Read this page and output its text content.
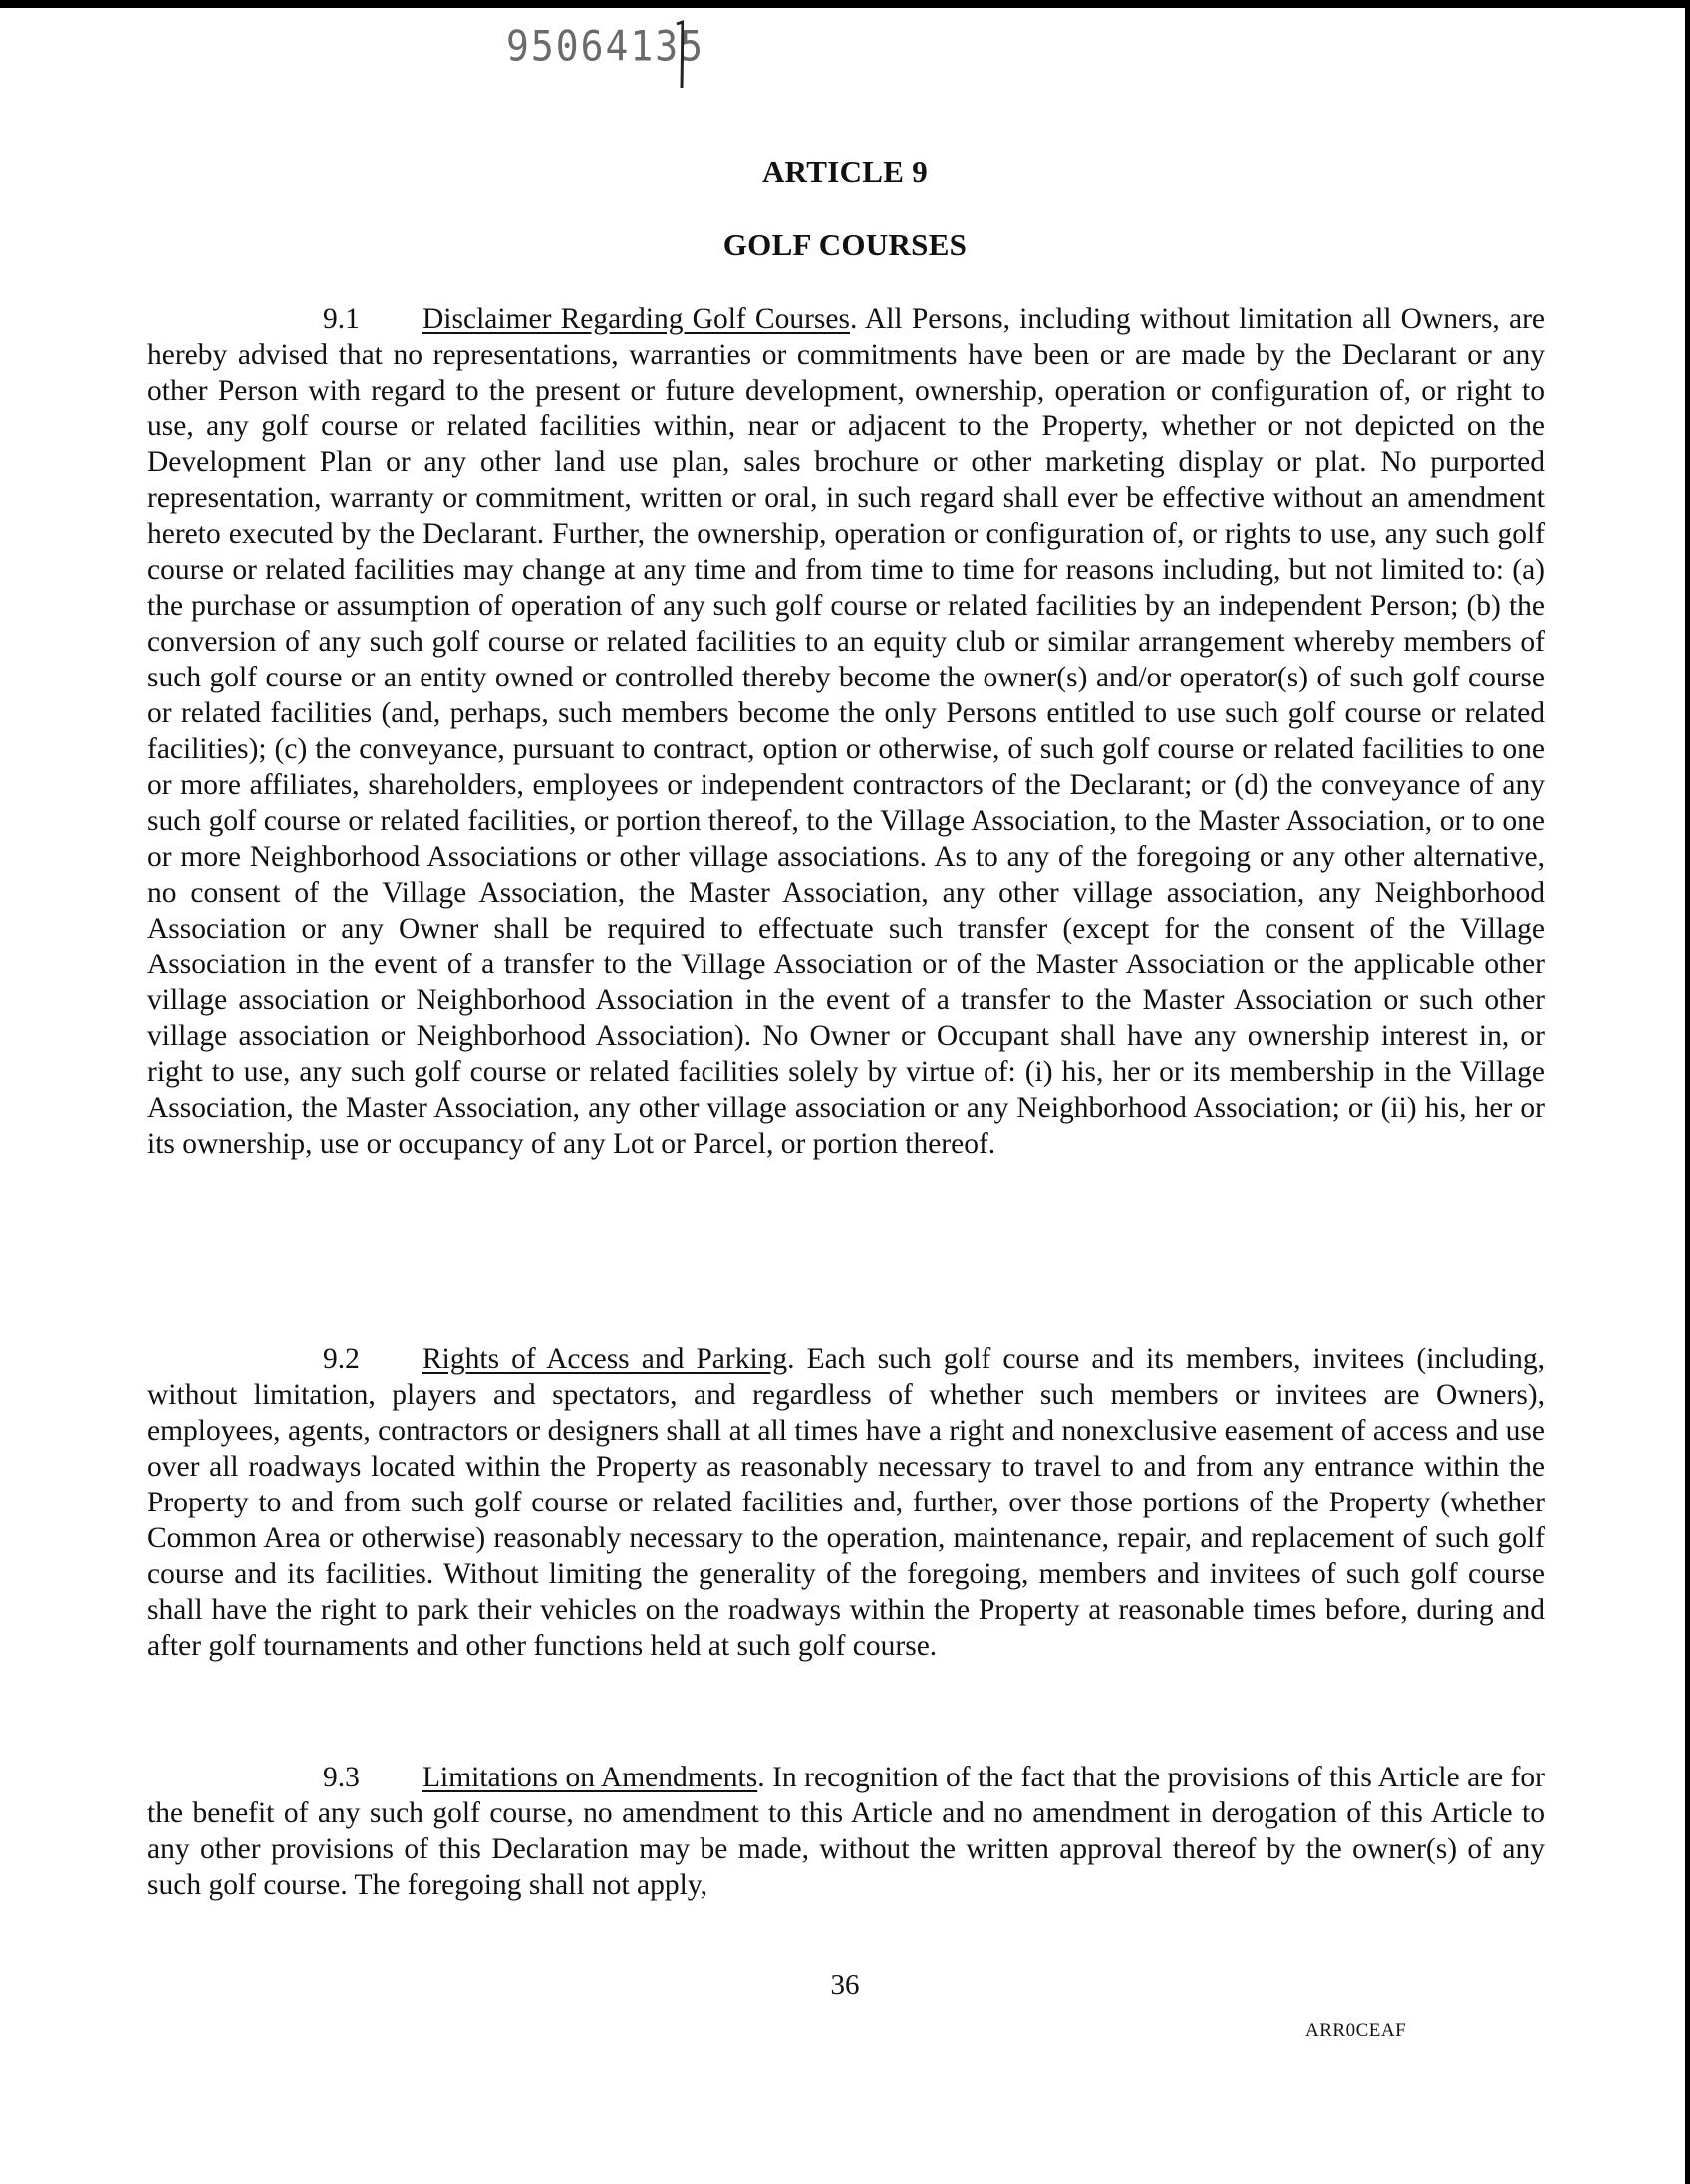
95064135
ARTICLE 9
GOLF COURSES

9.1 Disclaimer Regarding Golf Courses. All Persons, including without limitation all Owners, are hereby advised that no representations, warranties or commitments have been or are made by the Declarant or any other Person with regard to the present or future development, ownership, operation or configuration of, or right to use, any golf course or related facilities within, near or adjacent to the Property, whether or not depicted on the Development Plan or any other land use plan, sales brochure or other marketing display or plat. No purported representation, warranty or commitment, written or oral, in such regard shall ever be effective without an amendment hereto executed by the Declarant. Further, the ownership, operation or configuration of, or rights to use, any such golf course or related facilities may change at any time and from time to time for reasons including, but not limited to: (a) the purchase or assumption of operation of any such golf course or related facilities by an independent Person; (b) the conversion of any such golf course or related facilities to an equity club or similar arrangement whereby members of such golf course or an entity owned or controlled thereby become the owner(s) and/or operator(s) of such golf course or related facilities (and, perhaps, such members become the only Persons entitled to use such golf course or related facilities); (c) the conveyance, pursuant to contract, option or otherwise, of such golf course or related facilities to one or more affiliates, shareholders, employees or independent contractors of the Declarant; or (d) the conveyance of any such golf course or related facilities, or portion thereof, to the Village Association, to the Master Association, or to one or more Neighborhood Associations or other village associations. As to any of the foregoing or any other alternative, no consent of the Village Association, the Master Association, any other village association, any Neighborhood Association or any Owner shall be required to effectuate such transfer (except for the consent of the Village Association in the event of a transfer to the Village Association or of the Master Association or the applicable other village association or Neighborhood Association in the event of a transfer to the Master Association or such other village association or Neighborhood Association). No Owner or Occupant shall have any ownership interest in, or right to use, any such golf course or related facilities solely by virtue of: (i) his, her or its membership in the Village Association, the Master Association, any other village association or any Neighborhood Association; or (ii) his, her or its ownership, use or occupancy of any Lot or Parcel, or portion thereof.

9.2 Rights of Access and Parking. Each such golf course and its members, invitees (including, without limitation, players and spectators, and regardless of whether such members or invitees are Owners), employees, agents, contractors or designers shall at all times have a right and nonexclusive easement of access and use over all roadways located within the Property as reasonably necessary to travel to and from any entrance within the Property to and from such golf course or related facilities and, further, over those portions of the Property (whether Common Area or otherwise) reasonably necessary to the operation, maintenance, repair, and replacement of such golf course and its facilities. Without limiting the generality of the foregoing, members and invitees of such golf course shall have the right to park their vehicles on the roadways within the Property at reasonable times before, during and after golf tournaments and other functions held at such golf course.

9.3 Limitations on Amendments. In recognition of the fact that the provisions of this Article are for the benefit of any such golf course, no amendment to this Article and no amendment in derogation of this Article to any other provisions of this Declaration may be made, without the written approval thereof by the owner(s) of any such golf course. The foregoing shall not apply,

36
ARR0CEAF
